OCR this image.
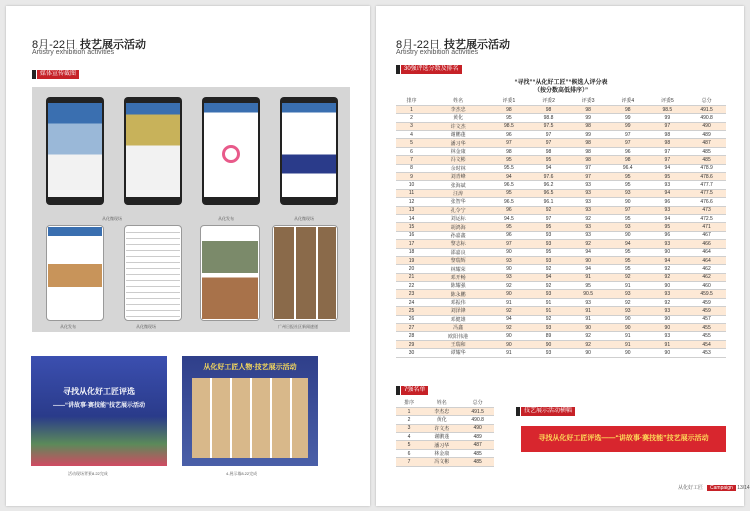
8月-22日 技艺展示活动
Artistry exhibition activities
媒体宣传截图
从化微现场	从化发布	从化微现场
从化发布	从化微现场	广州日报社区新闻速递
寻找从化好工匠评选
——“讲故事·赛技能”技艺展示活动
活动现场背景8.22完成
从化好工匠人物·技艺展示活动
4.展示墙8.22完成
8月-22日 技艺展示活动
Artistry exhibition activities
30强评选分数及排名
“寻找”“从化好工匠”“候选人评分表
（按分数高低排序）”
排序	姓名	评委1	评委2	评委3	评委4	评委5	总分
1	李杰忠	98	98	98	98	98.5	491.5
2	黄化	95	98.8	99	99	99	490.8
3	许文杰	98.5	97.5	98	99	97	490
4	谢鹏蓬	96	97	99	97	98	489
5	潘习华	97	97	98	97	98	487
6	林金康	98	98	98	96	97	485
7	冯文彬	95	95	98	98	97	485
8	余时林	95.5	94	97	96.4	94	478.9
9	刘青峰	94	97.6	97	95	95	478.6
10	张海斌	96.5	96.2	93	95	93	477.7
11	汪涛	95	96.5	93	93	94	477.5
12	张智华	96.5	96.1	93	90	96	476.6
13	孔令宁	96	92	93	97	93	473
14	刘运标	94.5	97	92	95	94	472.5
15	胡鸿海	95	95	93	93	95	471
16	孙嘉鑫	96	93	93	90	96	467
17	黎志标	97	93	92	94	93	466
18	邵嘉良	90	95	94	95	90	464
19	黎瑞辉	93	93	90	95	94	464
20	林耀荣	90	92	94	95	92	462
21	邓开畅	93	94	91	92	92	462
22	陈耀强	92	92	95	91	90	460
23	陈永鹏	90	93	90.5	93	93	459.5
24	邓振伟	91	91	93	92	92	459
25	刘泽锋	92	91	91	93	93	459
26	邓健雄	94	92	91	90	90	457
27	冯鑫	92	93	90	90	90	455
28	欧阳伟港	90	89	92	91	93	455
29	王瑞和	90	90	92	91	91	454
30	谭耀华	91	93	90	90	90	453
7强名单
排序	姓名	总分
1	李杰忠	491.5
2	黄化	490.8
3	许文杰	490
4	谢鹏蓬	489
5	潘习华	487
6	林金康	485
7	冯文彬	485
技艺展示活动横幅
寻找从化好工匠评选——“讲故事·赛技能”技艺展示活动
从化好工匠 Campaign 13/14
